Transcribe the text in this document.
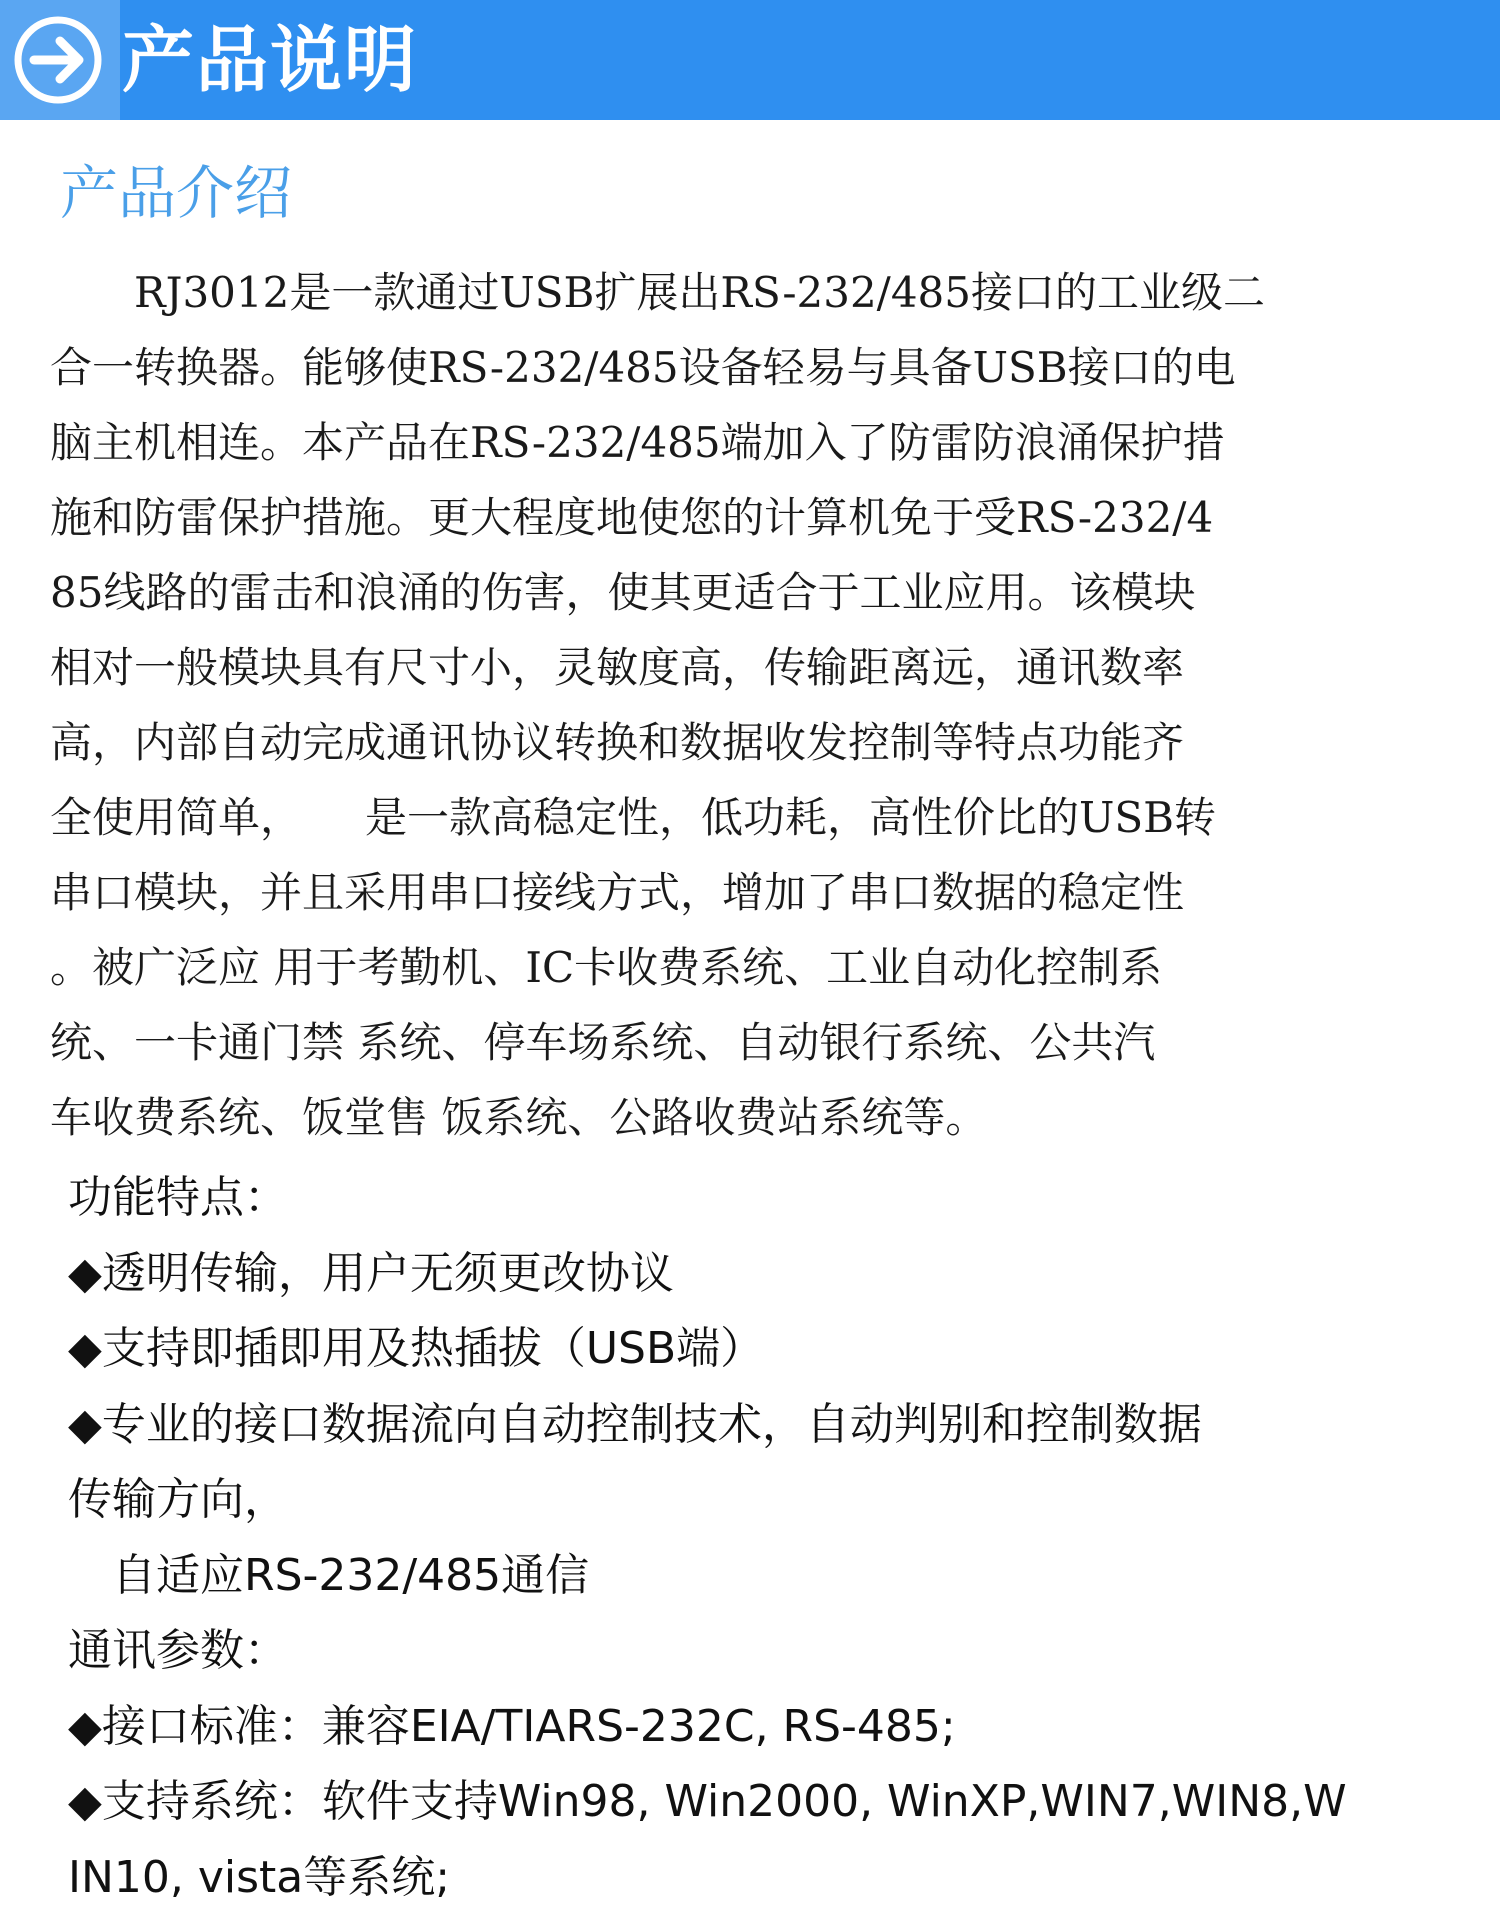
产品说明
产品介绍
　　RJ3012是一款通过USB扩展出RS-232/485接口的工业级二
合一转换器。能够使RS-232/485设备轻易与具备USB接口的电
脑主机相连。本产品在RS-232/485端加入了防雷防浪涌保护措
施和防雷保护措施。更大程度地使您的计算机免于受RS-232/4
85线路的雷击和浪涌的伤害，使其更适合于工业应用。该模块
相对一般模块具有尺寸小，灵敏度高，传输距离远，通讯数率
高，内部自动完成通讯协议转换和数据收发控制等特点功能齐
全使用简单，　　是一款高稳定性，低功耗，高性价比的USB转
串口模块，并且采用串口接线方式，增加了串口数据的稳定性
。被广泛应 用于考勤机、IC卡收费系统、工业自动化控制系
统、一卡通门禁 系统、停车场系统、自动银行系统、公共汽
车收费系统、饭堂售 饭系统、公路收费站系统等。
功能特点：
◆透明传输，用户无须更改协议
◆支持即插即用及热插拔（USB端）
◆专业的接口数据流向自动控制技术，自动判别和控制数据
传输方向，
　自适应RS-232/485通信
通讯参数：
◆接口标准：兼容EIA/TIARS-232C, RS-485;
◆支持系统：软件支持Win98, Win2000, WinXP,WIN7,WIN8,W
IN10, vista等系统;
